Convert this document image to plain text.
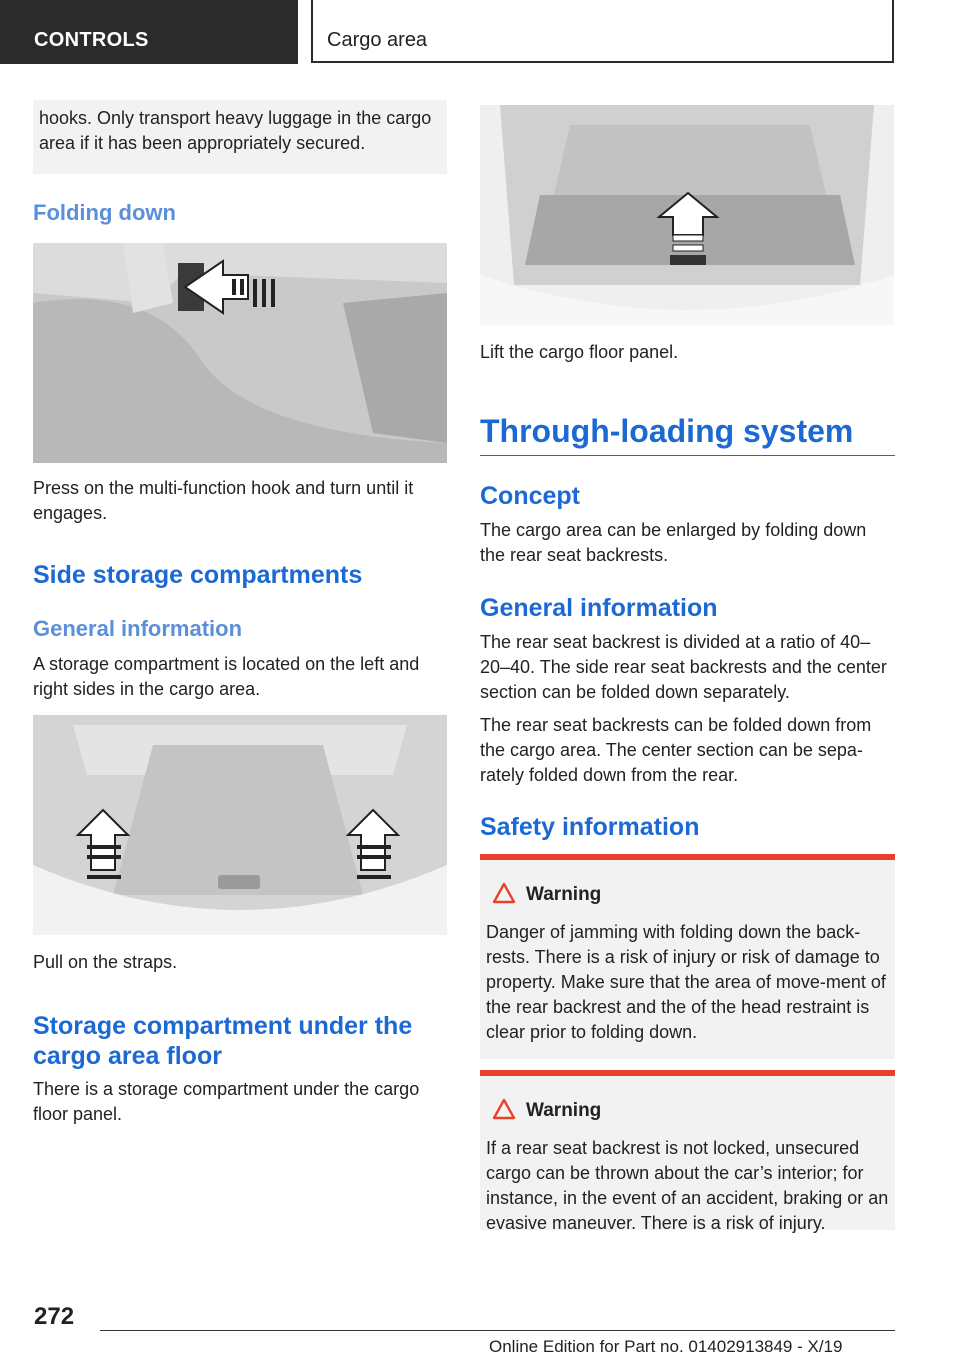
CONTROLS	Cargo area

hooks. Only transport heavy luggage in the cargo area if it has been appropriately secured.

Folding down

Press on the multi-function hook and turn until it engages.

Side storage compartments
General information

A storage compartment is located on the left and right sides in the cargo area.

Pull on the straps.

Storage compartment under the
cargo area floor

There is a storage compartment under the cargo floor panel.

Lift the cargo floor panel.

Through-loading system
Concept

The cargo area can be enlarged by folding down the rear seat backrests.

General information

The rear seat backrest is divided at a ratio of 40–20–40. The side rear seat backrests and the center section can be folded down separately.

The rear seat backrests can be folded down from the cargo area. The center section can be sepa-rately folded down from the rear.

Safety information
Warning

Danger of jamming with folding down the back-rests. There is a risk of injury or risk of damage to property. Make sure that the area of move-ment of the rear backrest and the of the head restraint is clear prior to folding down.

Warning

If a rear seat backrest is not locked, unsecured cargo can be thrown about the car’s interior; for instance, in the event of an accident, braking or an evasive maneuver. There is a risk of injury.

272
Online Edition for Part no. 01402913849 - X/19
